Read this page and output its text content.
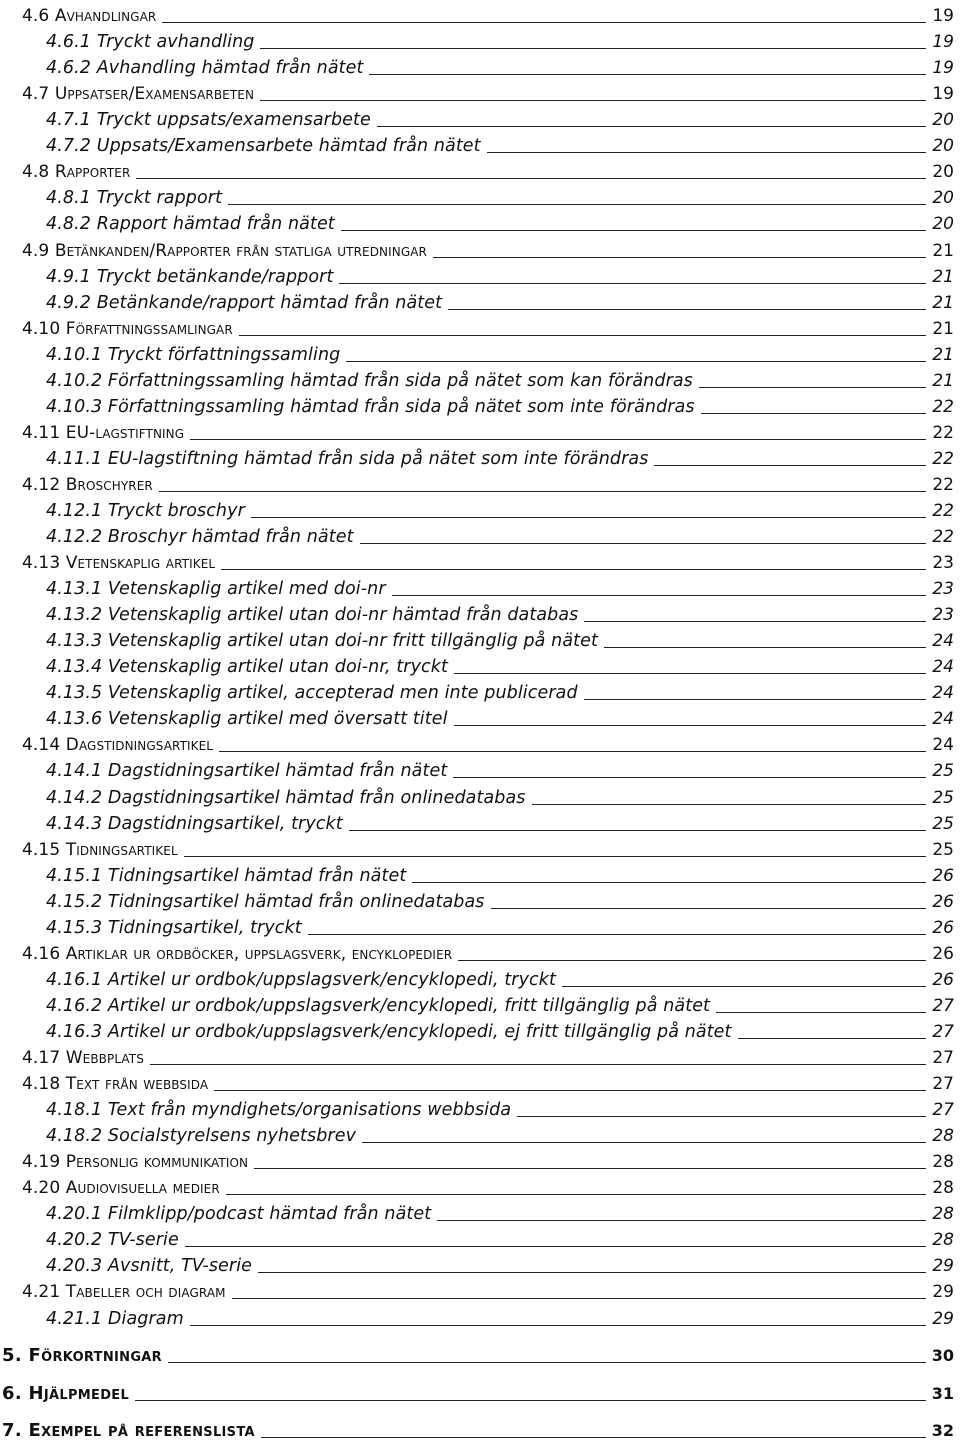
4.6 Avhandlingar	19
4.6.1 Tryckt avhandling	19
4.6.2 Avhandling hämtad från nätet	19
4.7 Uppsatser/Examensarbeten	19
4.7.1 Tryckt uppsats/examensarbete	20
4.7.2 Uppsats/Examensarbete hämtad från nätet	20
4.8 Rapporter	20
4.8.1 Tryckt rapport	20
4.8.2 Rapport hämtad från nätet	20
4.9 Betänkanden/Rapporter från statliga utredningar	21
4.9.1 Tryckt betänkande/rapport	21
4.9.2 Betänkande/rapport hämtad från nätet	21
4.10 Författningssamlingar	21
4.10.1 Tryckt författningssamling	21
4.10.2 Författningssamling hämtad från sida på nätet som kan förändras	21
4.10.3 Författningssamling hämtad från sida på nätet som inte förändras	22
4.11 EU-lagstiftning	22
4.11.1 EU-lagstiftning hämtad från sida på nätet som inte förändras	22
4.12 Broschyrer	22
4.12.1 Tryckt broschyr	22
4.12.2 Broschyr hämtad från nätet	22
4.13 Vetenskaplig artikel	23
4.13.1 Vetenskaplig artikel med doi-nr	23
4.13.2 Vetenskaplig artikel utan doi-nr hämtad från databas	23
4.13.3 Vetenskaplig artikel utan doi-nr fritt tillgänglig på nätet	24
4.13.4 Vetenskaplig artikel utan doi-nr, tryckt	24
4.13.5 Vetenskaplig artikel, accepterad men inte publicerad	24
4.13.6 Vetenskaplig artikel med översatt titel	24
4.14 Dagstidningsartikel	24
4.14.1 Dagstidningsartikel hämtad från nätet	25
4.14.2 Dagstidningsartikel hämtad från onlinedatabas	25
4.14.3 Dagstidningsartikel, tryckt	25
4.15 Tidningsartikel	25
4.15.1 Tidningsartikel hämtad från nätet	26
4.15.2 Tidningsartikel hämtad från onlinedatabas	26
4.15.3 Tidningsartikel, tryckt	26
4.16 Artiklar ur ordböcker, uppslagsverk, encyklopedier	26
4.16.1 Artikel ur ordbok/uppslagsverk/encyklopedi, tryckt	26
4.16.2 Artikel ur ordbok/uppslagsverk/encyklopedi, fritt tillgänglig på nätet	27
4.16.3 Artikel ur ordbok/uppslagsverk/encyklopedi, ej fritt tillgänglig på nätet	27
4.17 Webbplats	27
4.18 Text från webbsida	27
4.18.1 Text från myndighets/organisations webbsida	27
4.18.2 Socialstyrelsens nyhetsbrev	28
4.19 Personlig kommunikation	28
4.20 Audiovisuella medier	28
4.20.1 Filmklipp/podcast hämtad från nätet	28
4.20.2 TV-serie	28
4.20.3 Avsnitt, TV-serie	29
4.21 Tabeller och diagram	29
4.21.1 Diagram	29
5. Förkortningar	30
6. Hjälpmedel	31
7. Exempel på referenslista	32
